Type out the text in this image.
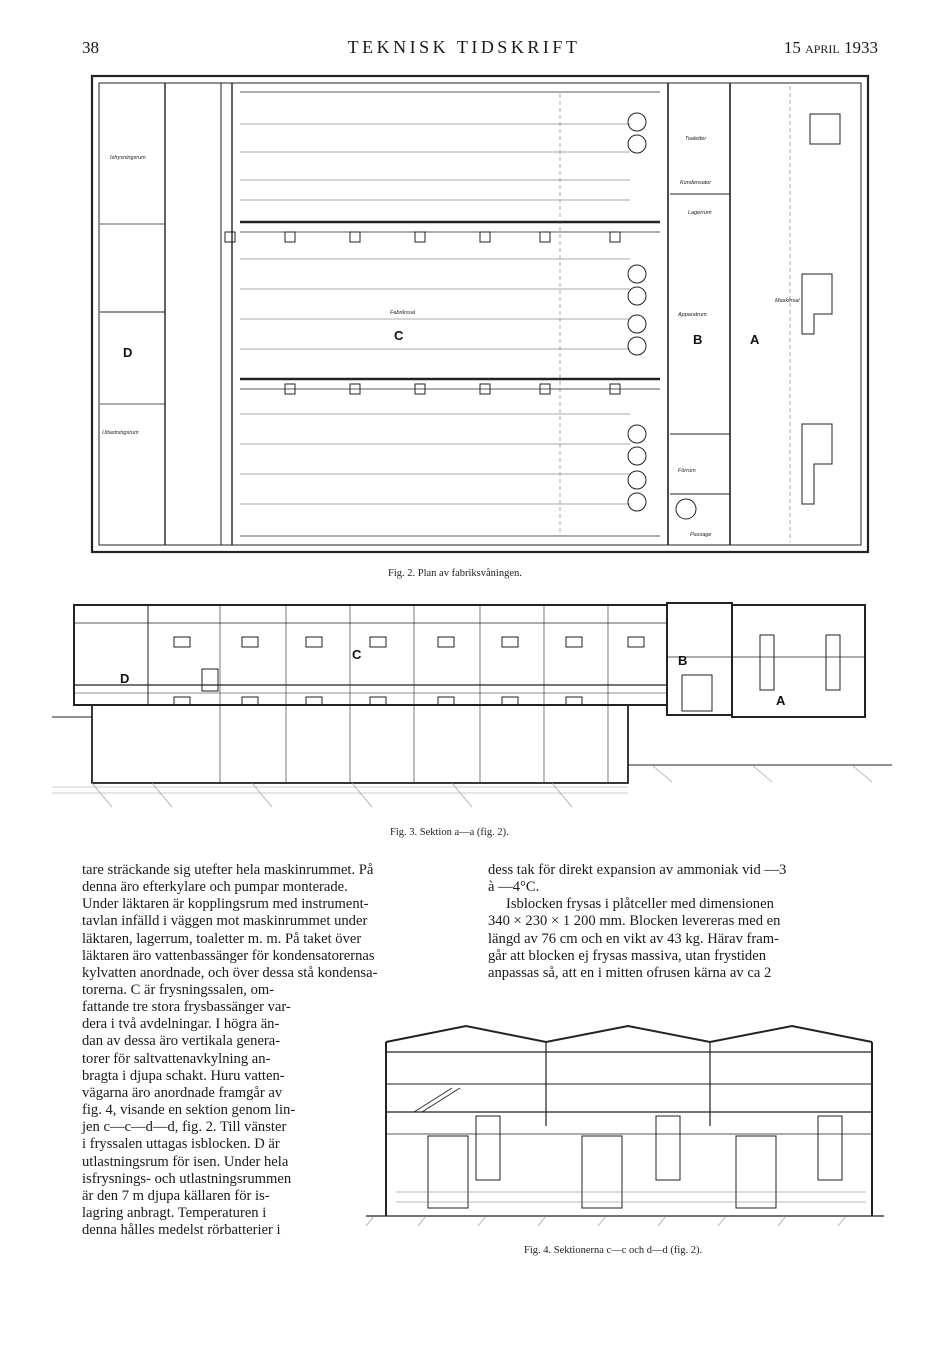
38	TEKNISK TIDSKRIFT	15 april 1933
Utlastningsrum
Isfrysningsrum
Fabrikssal	Apparatrum
Kondensator
Toaletter
Lagerrum
Förrum
Passage
Maskinsal
D
C	B	A
Fig. 2. Plan av fabriksvåningen.
D
C	B
A
Fig. 3. Sektion a—a (fig. 2).

tare sträckande sig utefter hela maskinrummet. På

denna äro efterkylare och pumpar monterade.

Under läktaren är kopplingsrum med instrument-

tavlan infälld i väggen mot maskinrummet under

läktaren, lagerrum, toaletter m. m. På taket över

läktaren äro vattenbassänger för kondensatorernas

kylvatten anordnade, och över dessa stå kondensa-

torerna. C är frysningssalen, om-

fattande tre stora frysbassänger var-

dera i två avdelningar. I högra än-

dan av dessa äro vertikala genera-

torer för saltvattenavkylning an-

bragta i djupa schakt. Huru vatten-

vägarna äro anordnade framgår av

fig. 4, visande en sektion genom lin-

jen c—c—d—d, fig. 2. Till vänster

i fryssalen uttagas isblocken. D är

utlastningsrum för isen. Under hela

isfrysnings- och utlastningsrummen

är den 7 m djupa källaren för is-

lagring anbragt. Temperaturen i

denna hålles medelst rörbatterier i

dess tak för direkt expansion av ammoniak vid —3

à —4°C.

Isblocken frysas i plåtceller med dimensionen

340 × 230 × 1 200 mm. Blocken levereras med en

längd av 76 cm och en vikt av 43 kg. Härav fram-

går att blocken ej frysas massiva, utan frystiden

anpassas så, att en i mitten ofrusen kärna av ca 2

Fig. 4. Sektionerna c—c och d—d (fig. 2).
